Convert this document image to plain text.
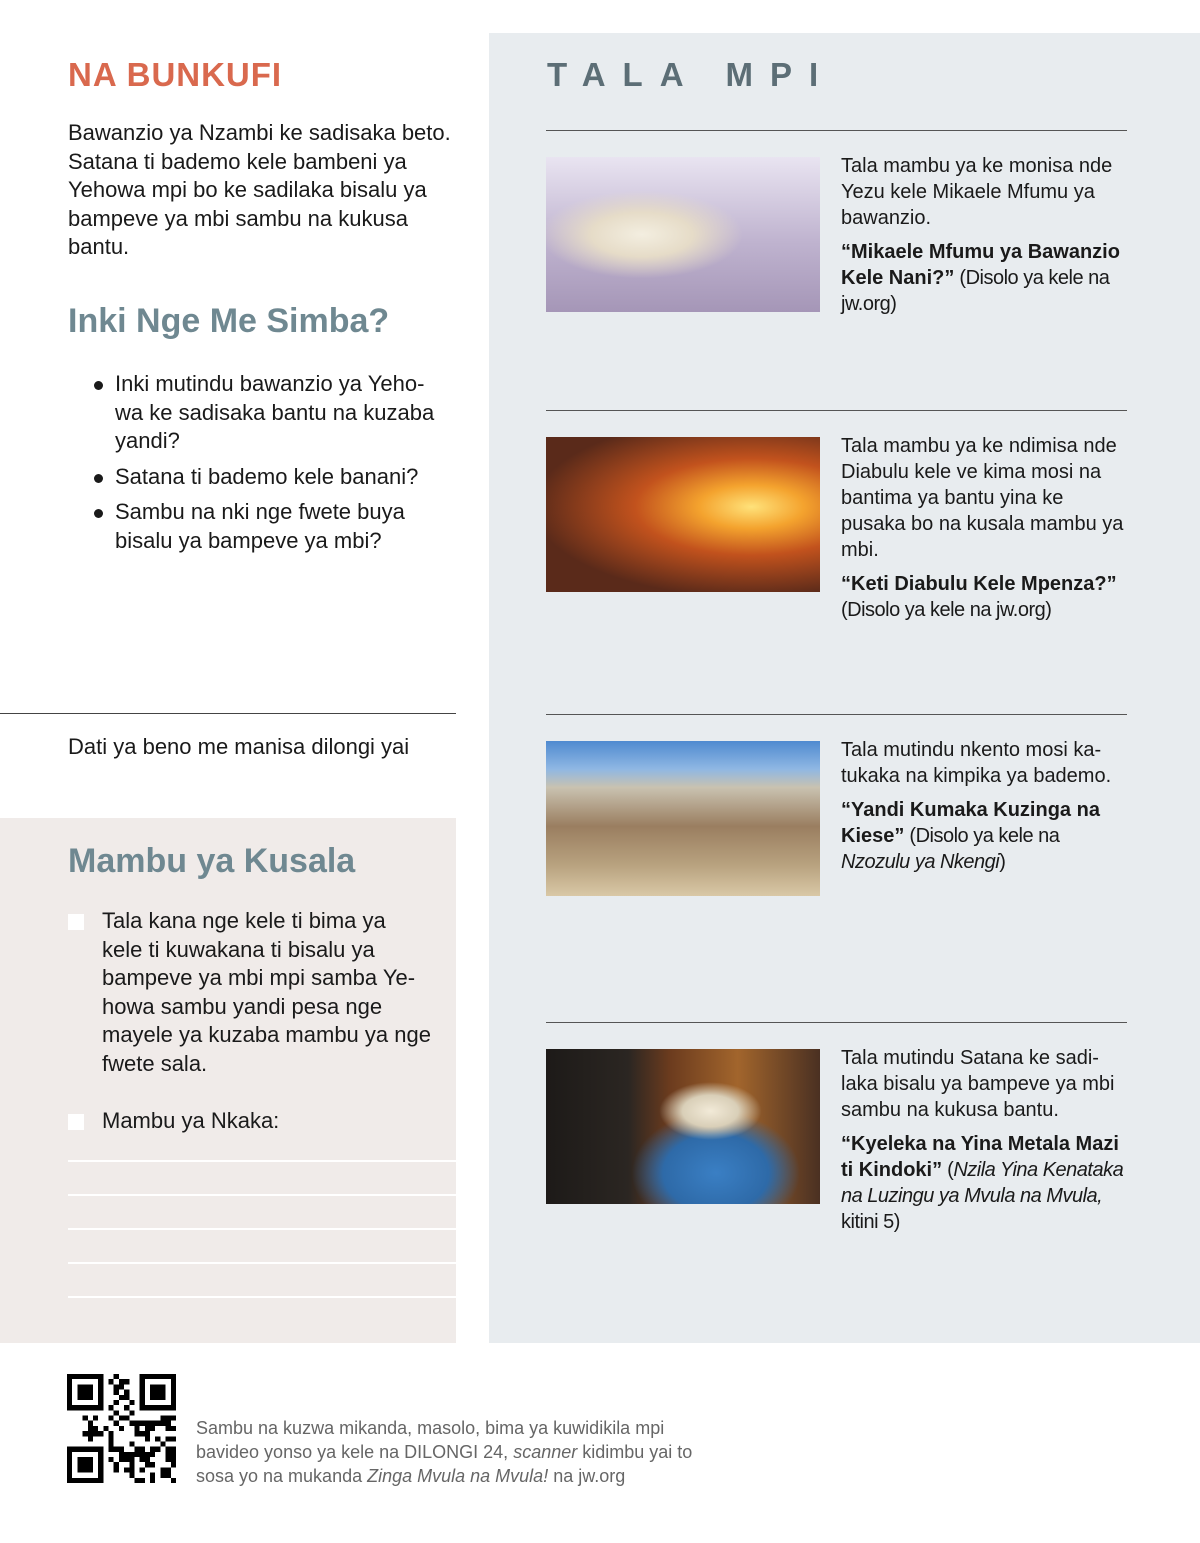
NA BUNKUFI
Bawanzio ya Nzambi ke sadisaka beto. Satana ti bademo kele bambeni ya Yehowa mpi bo ke sadilaka bisalu ya bampeve ya mbi sambu na kukusa bantu.
Inki Nge Me Simba?
Inki mutindu bawanzio ya Yeho-wa ke sadisaka bantu na kuzaba yandi?
Satana ti bademo kele banani?
Sambu na nki nge fwete buya bisalu ya bampeve ya mbi?
Dati ya beno me manisa dilongi yai
Mambu ya Kusala
Tala kana nge kele ti bima ya kele ti kuwakana ti bisalu ya bampeve ya mbi mpi samba Ye-howa sambu yandi pesa nge mayele ya kuzaba mambu ya nge fwete sala.
Mambu ya Nkaka:
TALA MPI
Tala mambu ya ke monisa nde Yezu kele Mikaele Mfumu ya bawanzio.
“Mikaele Mfumu ya Bawanzio Kele Nani?” (Disolo ya kele na jw.org)
Tala mambu ya ke ndimisa nde Diabulu kele ve kima mosi na bantima ya bantu yina ke pusaka bo na kusala mambu ya mbi.
“Keti Diabulu Kele Mpenza?” (Disolo ya kele na jw.org)
Tala mutindu nkento mosi ka-tukaka na kimpika ya bademo.
“Yandi Kumaka Kuzinga na Kiese” (Disolo ya kele na Nzozulu ya Nkengi)
Tala mutindu Satana ke sadi-laka bisalu ya bampeve ya mbi sambu na kukusa bantu.
“Kyeleka na Yina Metala Mazi ti Kindoki” (Nzila Yina Kenataka na Luzingu ya Mvula na Mvula, kitini 5)
Sambu na kuzwa mikanda, masolo, bima ya kuwidikila mpi bavideo yonso ya kele na DILONGI 24, scanner kidimbu yai to sosa yo na mukanda Zinga Mvula na Mvula! na jw.org
